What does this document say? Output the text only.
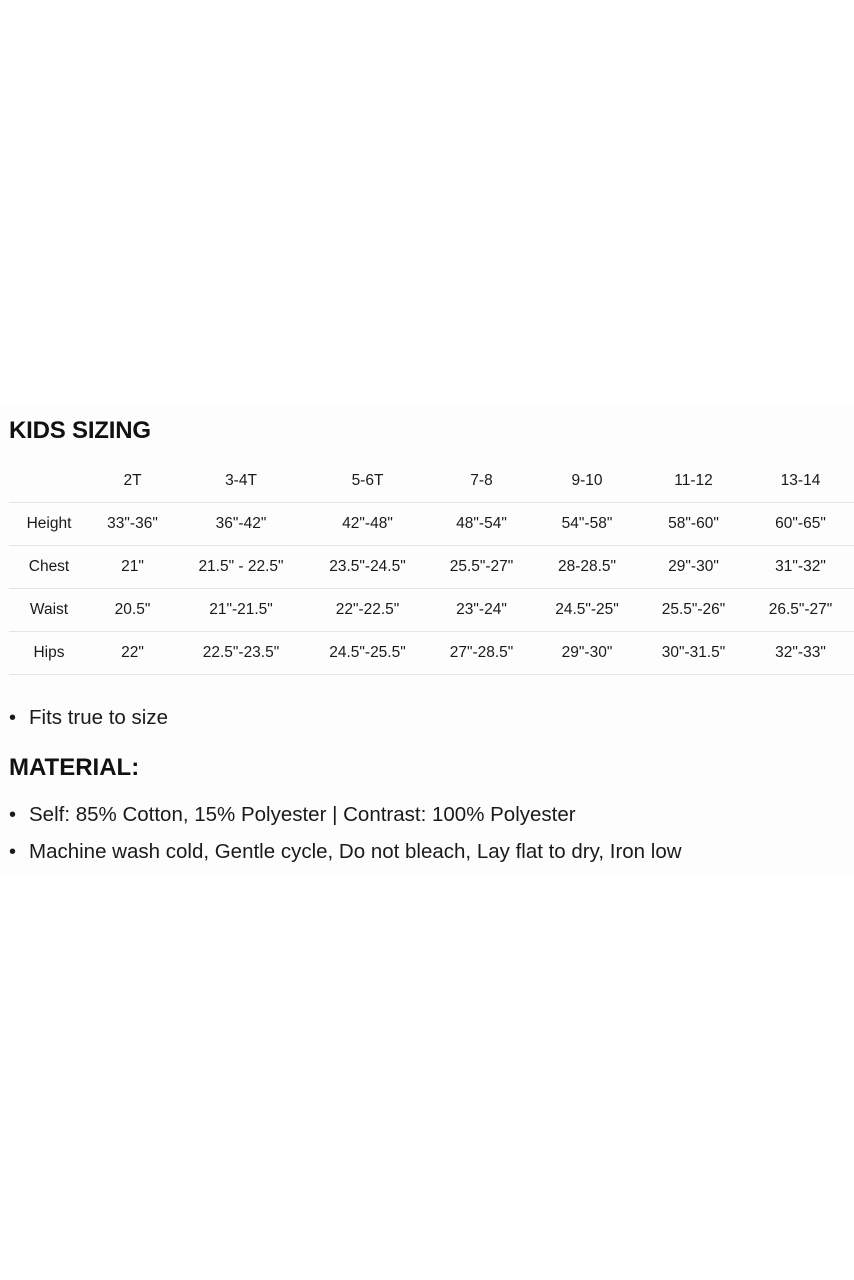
KIDS SIZING
	2T	3-4T	5-6T	7-8	9-10	11-12	13-14
Height	33"-36"	36"-42"	42"-48"	48"-54"	54"-58"	58"-60"	60"-65"
Chest	21"	21.5" - 22.5"	23.5"-24.5"	25.5"-27"	28-28.5"	29"-30"	31"-32"
Waist	20.5"	21"-21.5"	22"-22.5"	23"-24"	24.5"-25"	25.5"-26"	26.5"-27"
Hips	22"	22.5"-23.5"	24.5"-25.5"	27"-28.5"	29"-30"	30"-31.5"	32"-33"
• Fits true to size
MATERIAL:
• Self: 85% Cotton, 15% Polyester | Contrast: 100% Polyester
• Machine wash cold, Gentle cycle, Do not bleach, Lay flat to dry, Iron low
